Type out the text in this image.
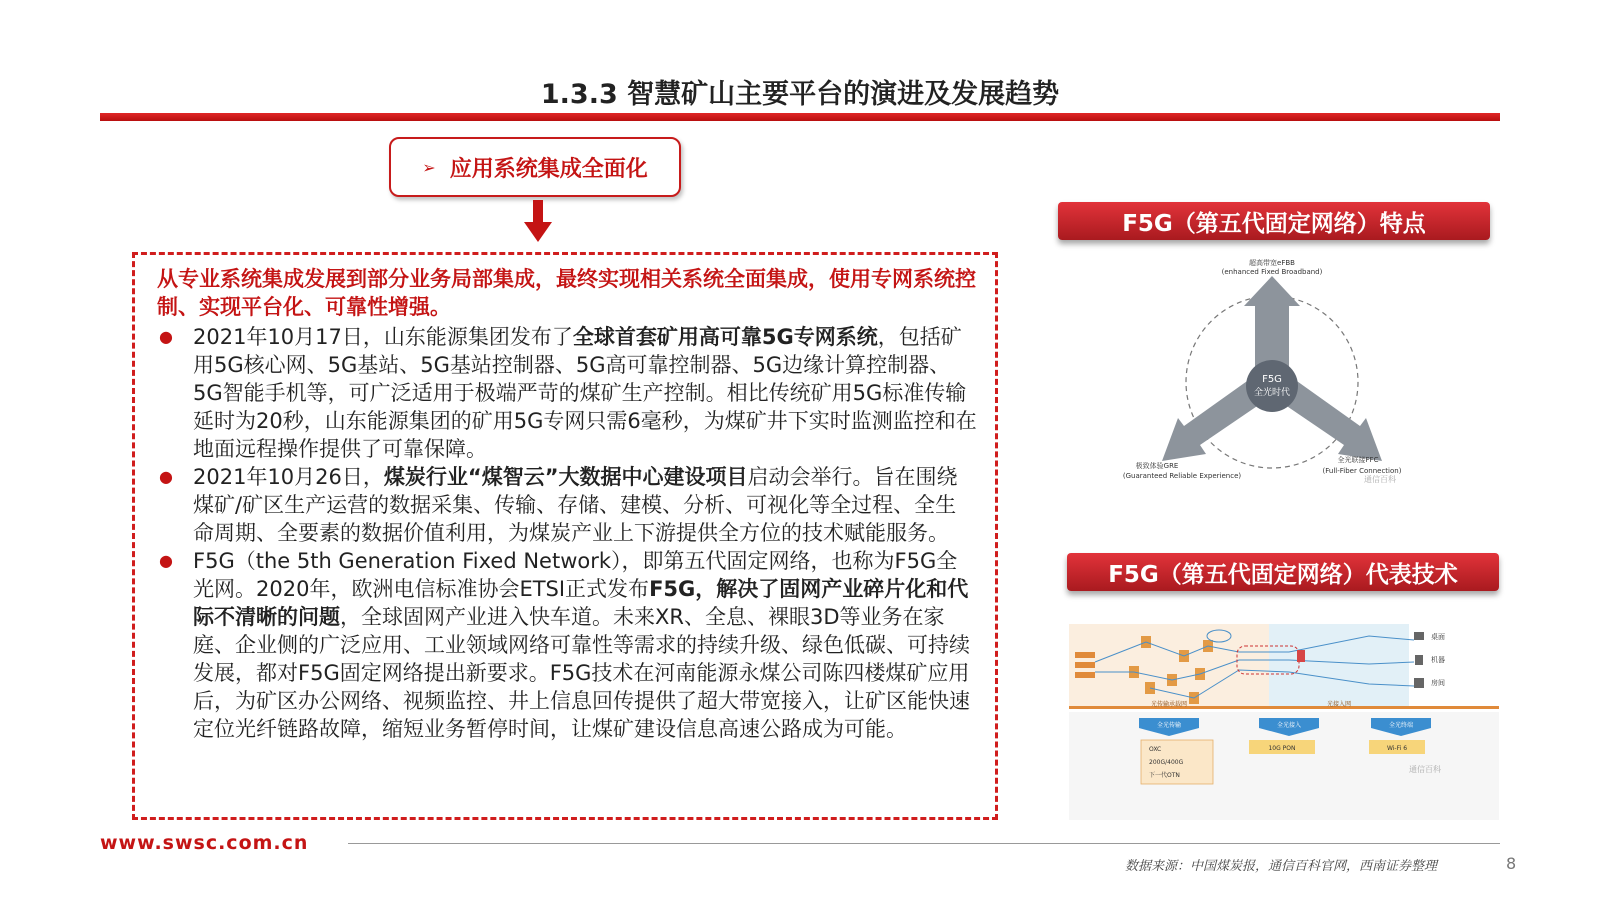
1.3.3 智慧矿山主要平台的演进及发展趋势
➢ 应用系统集成全面化
从专业系统集成发展到部分业务局部集成，最终实现相关系统全面集成，使用专网系统控制、实现平台化、可靠性增强。
● 2021年10月17日，山东能源集团发布了全球首套矿用高可靠5G专网系统，包括矿用5G核心网、5G基站、5G基站控制器、5G高可靠控制器、5G边缘计算控制器、5G智能手机等，可广泛适用于极端严苛的煤矿生产控制。相比传统矿用5G标准传输延时为20秒，山东能源集团的矿用5G专网只需6毫秒，为煤矿井下实时监测监控和在地面远程操作提供了可靠保障。
● 2021年10月26日，煤炭行业“煤智云”大数据中心建设项目启动会举行。旨在围绕煤矿/矿区生产运营的数据采集、传输、存储、建模、分析、可视化等全过程、全生命周期、全要素的数据价值利用，为煤炭产业上下游提供全方位的技术赋能服务。
● F5G（the 5th Generation Fixed Network），即第五代固定网络，也称为F5G全光网。2020年，欧洲电信标准协会ETSI正式发布F5G，解决了固网产业碎片化和代际不清晰的问题，全球固网产业进入快车道。未来XR、全息、裸眼3D等业务在家庭、企业侧的广泛应用、工业领域网络可靠性等需求的持续升级、绿色低碳、可持续发展，都对F5G固定网络提出新要求。F5G技术在河南能源永煤公司陈四楼煤矿应用后，为矿区办公网络、视频监控、井上信息回传提供了超大带宽接入，让矿区能快速定位光纤链路故障，缩短业务暂停时间，让煤矿建设信息高速公路成为可能。
F5G（第五代固定网络）特点
F5G
全光时代
超高带宽eFBB
(enhanced Fixed Broadband)
极致体验GRE
(Guaranteed Reliable Experience)
全光联接FFC
(Full-Fiber Connection)
通信百科
F5G（第五代固定网络）代表技术
桌面
机器
房间
光传输承载网	光接入网
全光传输	全光接入	全光终端
OXC
200G/400G
下一代OTN
10G PON	Wi-Fi 6
通信百科
www.swsc.com.cn
数据来源：中国煤炭报，通信百科官网，西南证券整理	8
